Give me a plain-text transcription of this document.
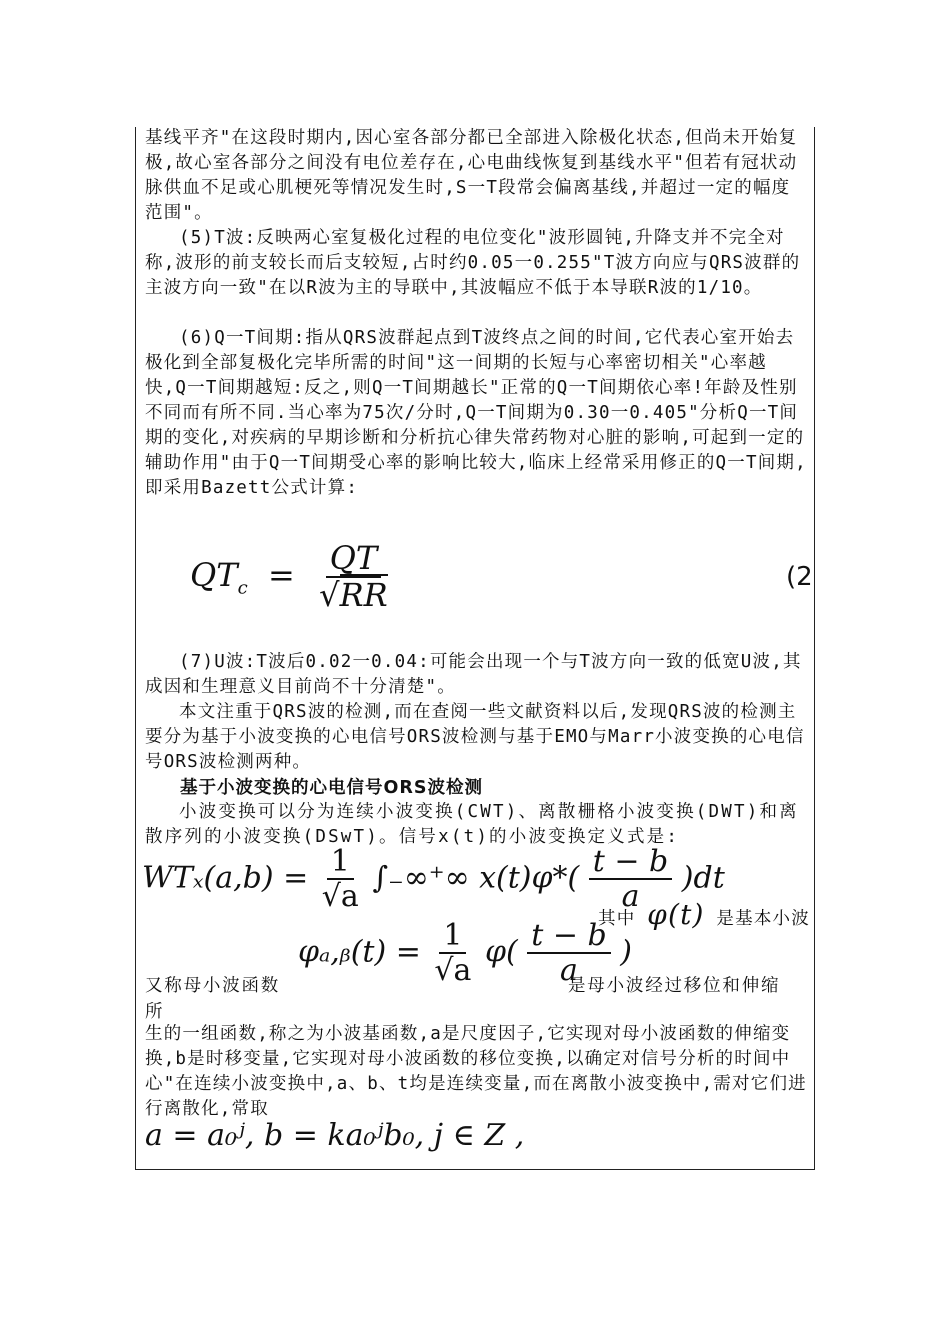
基线平齐"在这段时期内,因心室各部分都已全部进入除极化状态,但尚未开始复极,故心室各部分之间没有电位差存在,心电曲线恢复到基线水平"但若有冠状动脉供血不足或心肌梗死等情况发生时,S一T段常会偏离基线,并超过一定的幅度范围"。

(5)T波:反映两心室复极化过程的电位变化"波形圆钝,升降支并不完全对称,波形的前支较长而后支较短,占时约0.05一0.255"T波方向应与QRS波群的主波方向一致"在以R波为主的导联中,其波幅应不低于本导联R波的1/10。

(6)Q一T间期:指从QRS波群起点到T波终点之间的时间,它代表心室开始去极化到全部复极化完毕所需的时间"这一间期的长短与心率密切相关"心率越快,Q一T间期越短:反之,则Q一T间期越长"正常的Q一T间期依心率!年龄及性别不同而有所不同.当心率为75次/分时,Q一T间期为0.30一0.405"分析Q一T间期的变化,对疾病的早期诊断和分析抗心律失常药物对心脏的影响,可起到一定的辅助作用"由于Q一T间期受心率的影响比较大,临床上经常采用修正的Q一T间期,即采用Bazett公式计算:

$QT_c = \frac{QT}{√RR}$	(2

(7)U波:T波后0.02一0.04:可能会出现一个与T波方向一致的低宽U波,其成因和生理意义目前尚不十分清楚"。

本文注重于QRS波的检测,而在查阅一些文献资料以后,发现QRS波的检测主要分为基于小波变换的心电信号ORS波检测与基于EMO与Marr小波变换的心电信号ORS波检测两种。

基于小波变换的心电信号ORS波检测

小波变换可以分为连续小波变换(CWT)、离散栅格小波变换(DWT)和离散序列的小波变换(DSwT)。信号x(t)的小波变换定义式是:

$WT_x(a,b) = \frac{1}{√a}$ ∫₋∞⁺∞ $x(t)\varphi*( \frac{t - b}{a} )dt$
其中 φ(t) 是基本小波
φₐ,ᵦ(t) = $\frac{1}{√a} \varphi( \frac{t - b}{a}$ )
又称母小波函数	是母小波经过移位和伸缩
所

生的一组函数,称之为小波基函数,a是尺度因子,它实现对母小波函数的伸缩变换,b是时移变量,它实现对母小波函数的移位变换,以确定对信号分析的时间中心"在连续小波变换中,a、b、t均是连续变量,而在离散小波变换中,需对它们进行离散化,常取

a = a₀ʲ, b = ka₀ʲb₀, j ∈ Z ,
